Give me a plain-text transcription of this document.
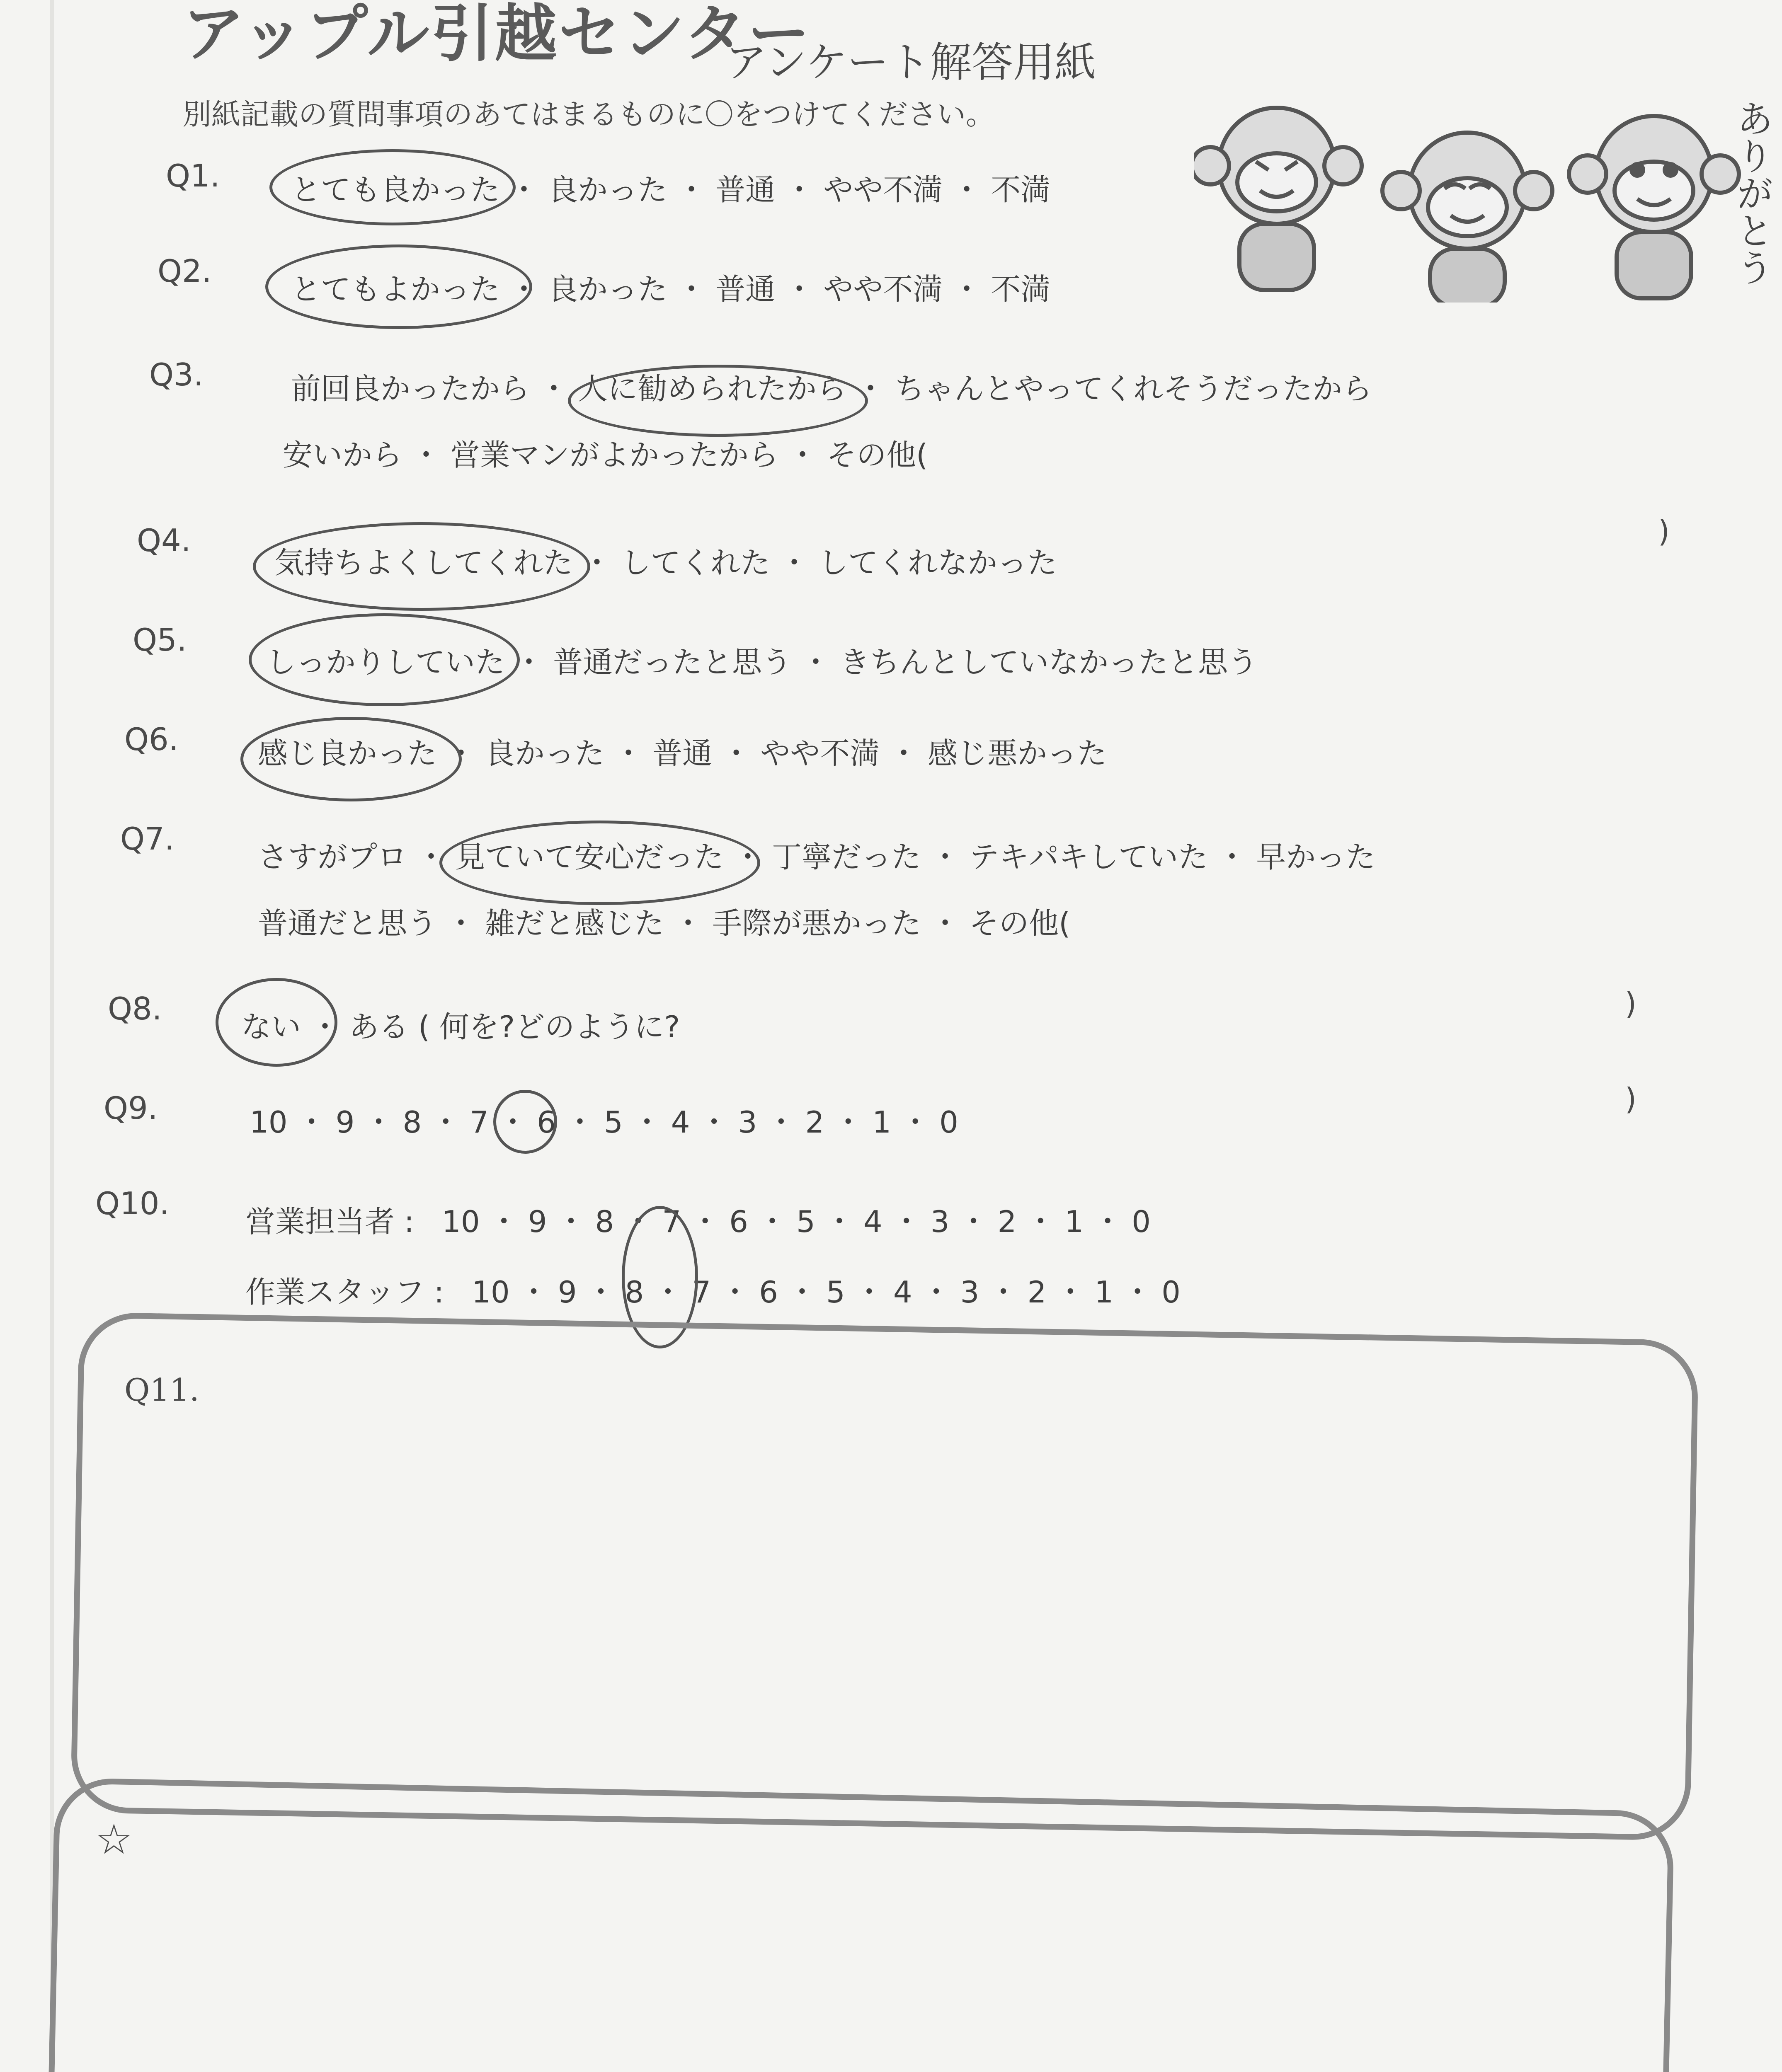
アップル引越センター
アンケート解答用紙
別紙記載の質問事項のあてはまるものに〇をつけてください。	ありがとう
Q1.	とても良かった ・ 良かった ・ 普通 ・ やや不満 ・ 不満
Q2.	とてもよかった ・ 良かった ・ 普通 ・ やや不満 ・ 不満
Q3.	前回良かったから ・ 人に勧められたから ・ ちゃんとやってくれそうだったから
安いから ・ 営業マンがよかったから ・ その他(
)
Q4.
気持ちよくしてくれた ・ してくれた ・ してくれなかった
Q5.
しっかりしていた ・ 普通だったと思う ・ きちんとしていなかったと思う
Q6.	感じ良かった ・ 良かった ・ 普通 ・ やや不満 ・ 感じ悪かった
Q7.	さすがプロ ・ 見ていて安心だった ・ 丁寧だった ・ テキパキしていた ・ 早かった
普通だと思う ・ 雑だと感じた ・ 手際が悪かった ・ その他(
)
Q8.	ない ・ ある ( 何を?どのように?
)
Q9.	10 ・ 9 ・ 8 ・ 7 ・ 6 ・ 5 ・ 4 ・ 3 ・ 2 ・ 1 ・ 0
Q10.	営業担当者 : 10 ・ 9 ・ 8 ・ 7 ・ 6 ・ 5 ・ 4 ・ 3 ・ 2 ・ 1 ・ 0
作業スタッフ : 10 ・ 9 ・ 8 ・ 7 ・ 6 ・ 5 ・ 4 ・ 3 ・ 2 ・ 1 ・ 0
Q11.
☆
